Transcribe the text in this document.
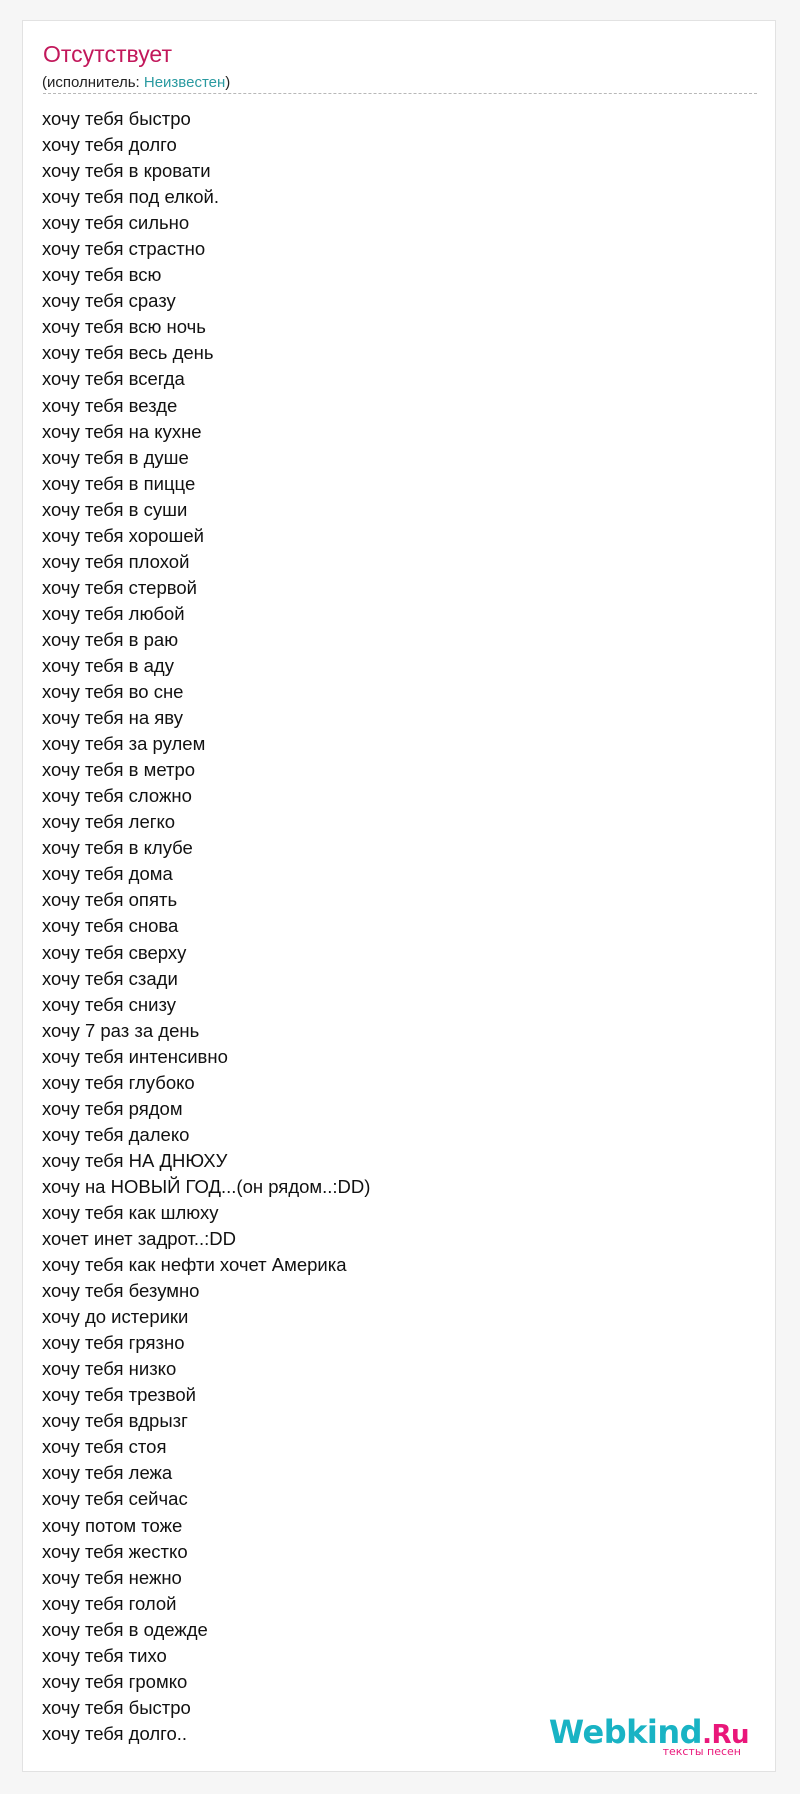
Отсутствует
(исполнитель: Неизвестен)
хочу тебя быстро
хочу тебя долго
хочу тебя в кровати
хочу тебя под елкой.
хочу тебя сильно
хочу тебя страстно
хочу тебя всю
хочу тебя сразу
хочу тебя всю ночь
хочу тебя весь день
хочу тебя всегда
хочу тебя везде
хочу тебя на кухне
хочу тебя в душе
хочу тебя в пицце
хочу тебя в суши
хочу тебя хорошей
хочу тебя плохой
хочу тебя стервой
хочу тебя любой
хочу тебя в раю
хочу тебя в аду
хочу тебя во сне
хочу тебя на яву
хочу тебя за рулем
хочу тебя в метро
хочу тебя сложно
хочу тебя легко
хочу тебя в клубе
хочу тебя дома
хочу тебя опять
хочу тебя снова
хочу тебя сверху
хочу тебя сзади
хочу тебя снизу
хочу 7 раз за день
хочу тебя интенсивно
хочу тебя глубоко
хочу тебя рядом
хочу тебя далеко
хочу тебя НА ДНЮХУ
хочу на НОВЫЙ ГОД...(он рядом..:DD)
хочу тебя как шлюху
хочет инет задрот..:DD
хочу тебя как нефти хочет Америка
хочу тебя безумно
хочу до истерики
хочу тебя грязно
хочу тебя низко
хочу тебя трезвой
хочу тебя вдрызг
хочу тебя стоя
хочу тебя лежа
хочу тебя сейчас
хочу потом тоже
хочу тебя жестко
хочу тебя нежно
хочу тебя голой
хочу тебя в одежде
хочу тебя тихо
хочу тебя громко
хочу тебя быстро
хочу тебя долго..	Webkind.Ru
тексты песен
